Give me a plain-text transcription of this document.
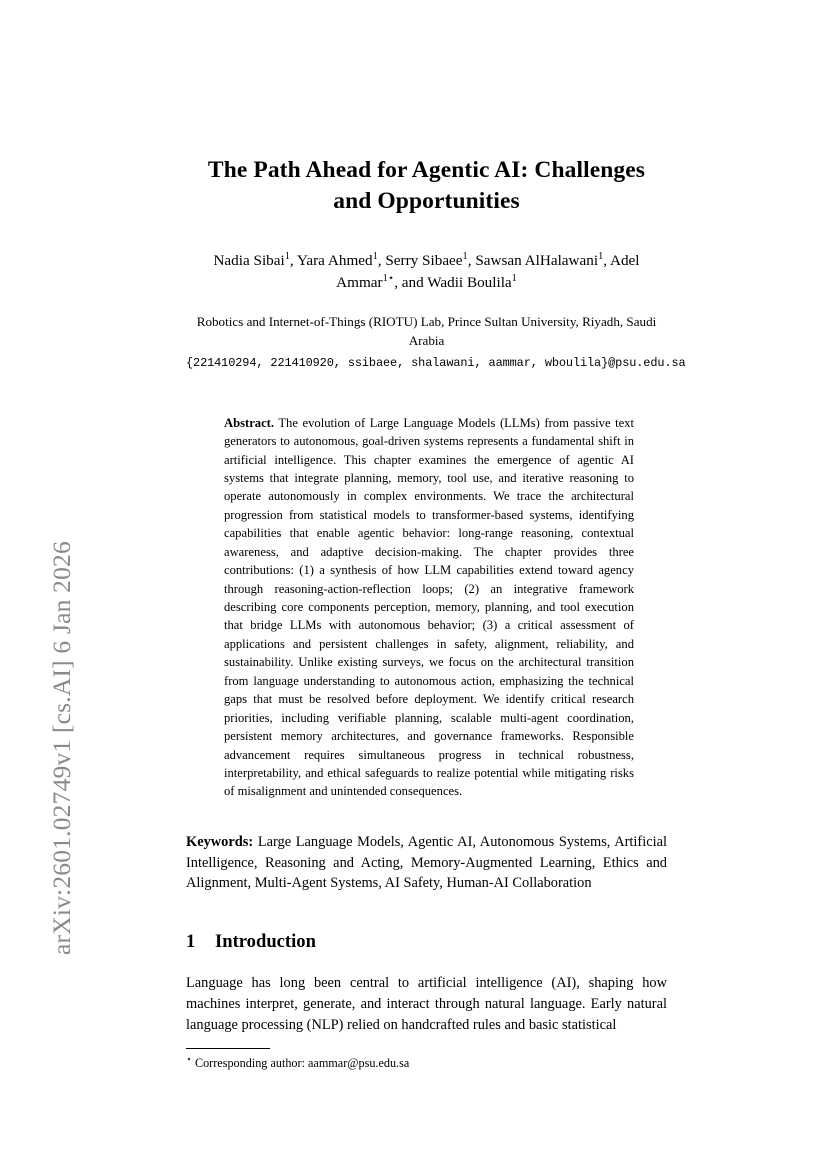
arXiv:2601.02749v1 [cs.AI] 6 Jan 2026
The Path Ahead for Agentic AI: Challenges and Opportunities
Nadia Sibai$^1$, Yara Ahmed$^1$, Serry Sibaee$^1$, Sawsan AlHalawani$^1$, Adel Ammar$^{1⋆}$, and Wadii Boulila$^1$
Robotics and Internet-of-Things (RIOTU) Lab, Prince Sultan University, Riyadh, Saudi Arabia
{221410294, 221410920, ssibaee, shalawani, aammar, wboulila}@psu.edu.sa
Abstract. The evolution of Large Language Models (LLMs) from passive text generators to autonomous, goal-driven systems represents a fundamental shift in artificial intelligence. This chapter examines the emergence of agentic AI systems that integrate planning, memory, tool use, and iterative reasoning to operate autonomously in complex environments. We trace the architectural progression from statistical models to transformer-based systems, identifying capabilities that enable agentic behavior: long-range reasoning, contextual awareness, and adaptive decision-making. The chapter provides three contributions: (1) a synthesis of how LLM capabilities extend toward agency through reasoning-action-reflection loops; (2) an integrative framework describing core components perception, memory, planning, and tool execution that bridge LLMs with autonomous behavior; (3) a critical assessment of applications and persistent challenges in safety, alignment, reliability, and sustainability. Unlike existing surveys, we focus on the architectural transition from language understanding to autonomous action, emphasizing the technical gaps that must be resolved before deployment. We identify critical research priorities, including verifiable planning, scalable multi-agent coordination, persistent memory architectures, and governance frameworks. Responsible advancement requires simultaneous progress in technical robustness, interpretability, and ethical safeguards to realize potential while mitigating risks of misalignment and unintended consequences.
Keywords: Large Language Models, Agentic AI, Autonomous Systems, Artificial Intelligence, Reasoning and Acting, Memory-Augmented Learning, Ethics and Alignment, Multi-Agent Systems, AI Safety, Human-AI Collaboration
1 Introduction
Language has long been central to artificial intelligence (AI), shaping how machines interpret, generate, and interact through natural language. Early natural language processing (NLP) relied on handcrafted rules and basic statistical
⋆ Corresponding author: aammar@psu.edu.sa
